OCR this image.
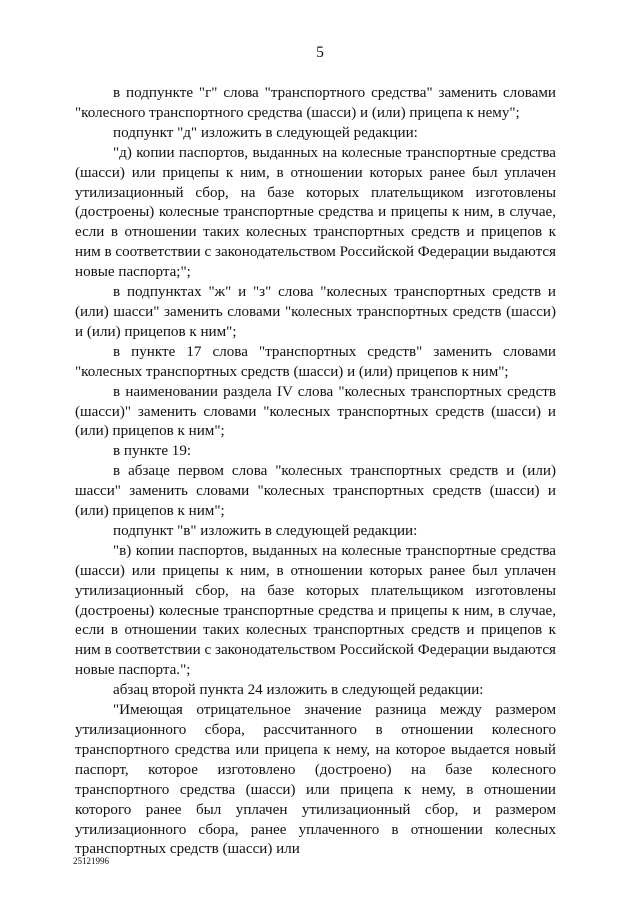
5

в подпункте "г" слова "транспортного средства" заменить словами "колесного транспортного средства (шасси) и (или) прицепа к нему";

подпункт "д" изложить в следующей редакции:

"д) копии паспортов, выданных на колесные транспортные средства (шасси) или прицепы к ним, в отношении которых ранее был уплачен утилизационный сбор, на базе которых плательщиком изготовлены (достроены) колесные транспортные средства и прицепы к ним, в случае, если в отношении таких колесных транспортных средств и прицепов к ним в соответствии с законодательством Российской Федерации выдаются новые паспорта;";

в подпунктах "ж" и "з" слова "колесных транспортных средств и (или) шасси" заменить словами "колесных транспортных средств (шасси) и (или) прицепов к ним";

в пункте 17 слова "транспортных средств" заменить словами "колесных транспортных средств (шасси) и (или) прицепов к ним";

в наименовании раздела IV слова "колесных транспортных средств (шасси)" заменить словами "колесных транспортных средств (шасси) и (или) прицепов к ним";

в пункте 19:

в абзаце первом слова "колесных транспортных средств и (или) шасси" заменить словами "колесных транспортных средств (шасси) и (или) прицепов к ним";

подпункт "в" изложить в следующей редакции:

"в) копии паспортов, выданных на колесные транспортные средства (шасси) или прицепы к ним, в отношении которых ранее был уплачен утилизационный сбор, на базе которых плательщиком изготовлены (достроены) колесные транспортные средства и прицепы к ним, в случае, если в отношении таких колесных транспортных средств и прицепов к ним в соответствии с законодательством Российской Федерации выдаются новые паспорта.";

абзац второй пункта 24 изложить в следующей редакции:

"Имеющая отрицательное значение разница между размером утилизационного сбора, рассчитанного в отношении колесного транспортного средства или прицепа к нему, на которое выдается новый паспорт, которое изготовлено (достроено) на базе колесного транспортного средства (шасси) или прицепа к нему, в отношении которого ранее был уплачен утилизационный сбор, и размером утилизационного сбора, ранее уплаченного в отношении колесных транспортных средств (шасси) или

25121996
